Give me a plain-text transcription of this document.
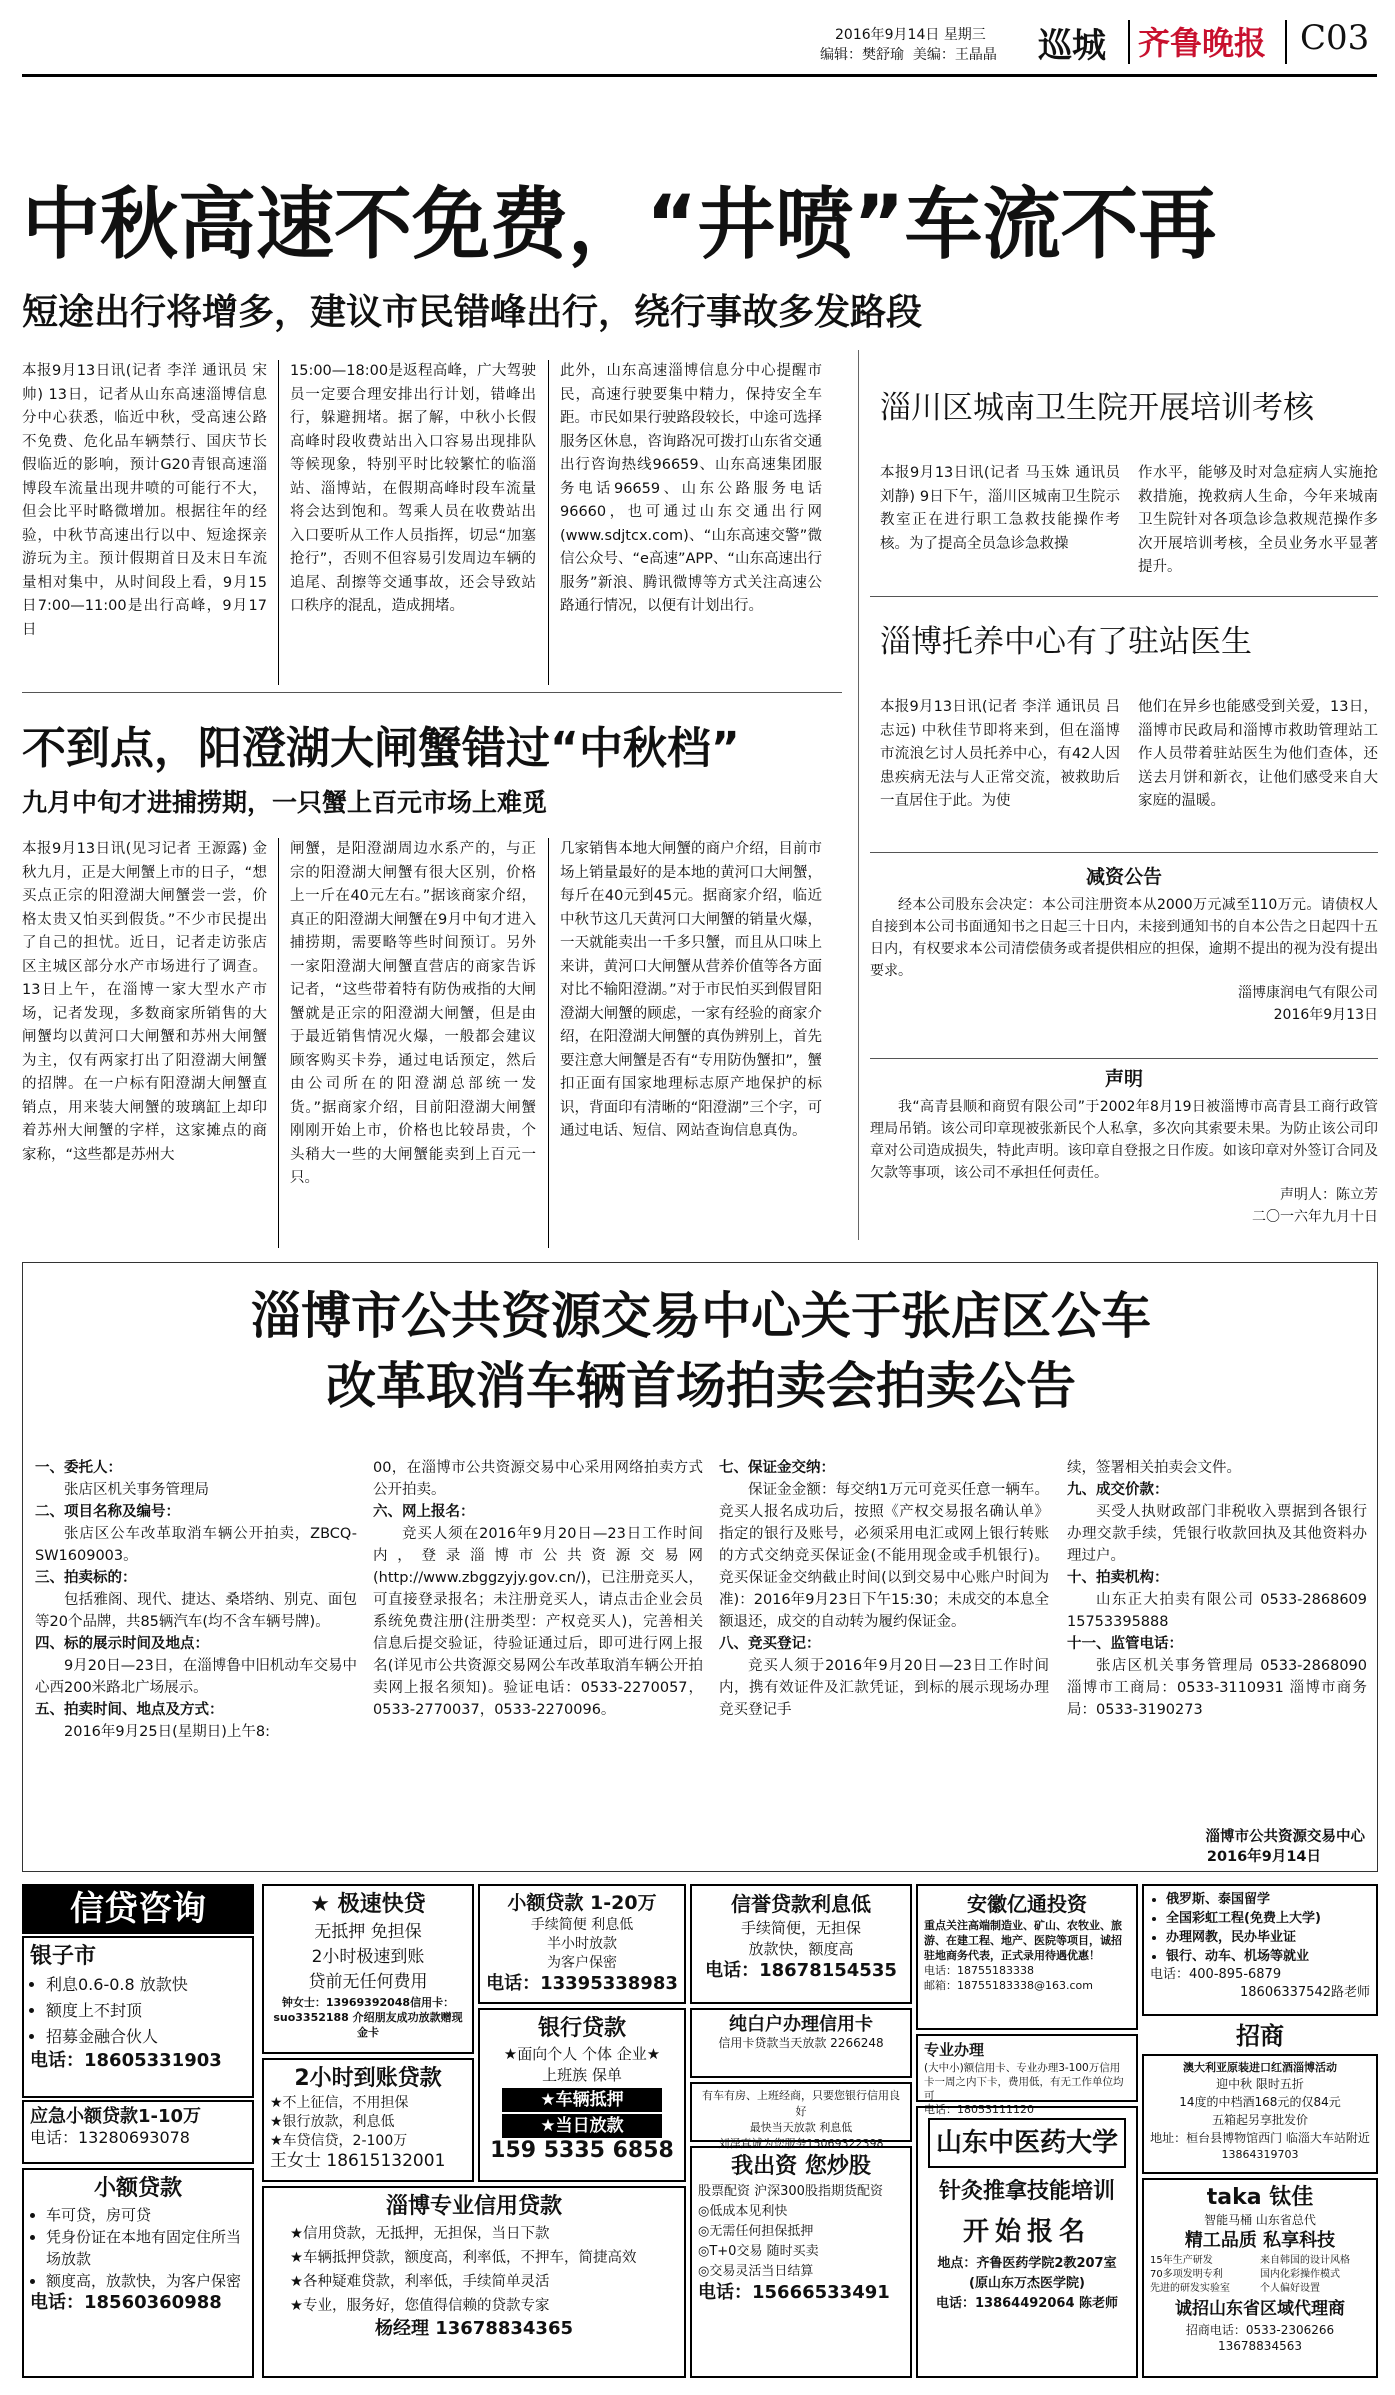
2016年9月14日 星期三
编辑：樊舒瑜 美编：王晶晶 巡城 齐鲁晚报 C03
中秋高速不免费，“井喷”车流不再
短途出行将增多，建议市民错峰出行，绕行事故多发路段
本报9月13日讯(记者 李洋 通讯员 宋帅) 13日，记者从山东高速淄博信息分中心获悉，临近中秋，受高速公路不免费、危化品车辆禁行、国庆节长假临近的影响，预计G20青银高速淄博段车流量出现井喷的可能行不大，但会比平时略微增加。根据往年的经验，中秋节高速出行以中、短途探亲游玩为主。预计假期首日及末日车流量相对集中，从时间段上看，9月15日7:00—11:00是出行高峰，9月17日
15:00—18:00是返程高峰，广大驾驶员一定要合理安排出行计划，错峰出行，躲避拥堵。据了解，中秋小长假高峰时段收费站出入口容易出现排队等候现象，特别平时比较繁忙的临淄站、淄博站，在假期高峰时段车流量将会达到饱和。驾乘人员在收费站出入口要听从工作人员指挥，切忌“加塞抢行”，否则不但容易引发周边车辆的追尾、刮擦等交通事故，还会导致站口秩序的混乱，造成拥堵。
此外，山东高速淄博信息分中心提醒市民，高速行驶要集中精力，保持安全车距。市民如果行驶路段较长，中途可选择服务区休息，咨询路况可拨打山东省交通出行咨询热线96659、山东高速集团服务电话96659、山东公路服务电话96660，也可通过山东交通出行网(www.sdjtcx.com)、“山东高速交警”微信公众号、“e高速”APP、“山东高速出行服务”新浪、腾讯微博等方式关注高速公路通行情况，以便有计划出行。
淄川区城南卫生院开展培训考核
本报9月13日讯(记者 马玉姝 通讯员 刘静) 9日下午，淄川区城南卫生院示教室正在进行职工急救技能操作考核。为了提高全员急诊急救操
作水平，能够及时对急症病人实施抢救措施，挽救病人生命，今年来城南卫生院针对各项急诊急救规范操作多次开展培训考核，全员业务水平显著提升。
淄博托养中心有了驻站医生
本报9月13日讯(记者 李洋 通讯员 吕志远) 中秋佳节即将来到，但在淄博市流浪乞讨人员托养中心，有42人因患疾病无法与人正常交流，被救助后一直居住于此。为使
他们在异乡也能感受到关爱，13日，淄博市民政局和淄博市救助管理站工作人员带着驻站医生为他们查体，还送去月饼和新衣，让他们感受来自大家庭的温暖。
不到点，阳澄湖大闸蟹错过“中秋档”
九月中旬才进捕捞期，一只蟹上百元市场上难觅
本报9月13日讯(见习记者 王源露) 金秋九月，正是大闸蟹上市的日子，“想买点正宗的阳澄湖大闸蟹尝一尝，价格太贵又怕买到假货。”不少市民提出了自己的担忧。近日，记者走访张店区主城区部分水产市场进行了调查。13日上午，在淄博一家大型水产市场，记者发现，多数商家所销售的大闸蟹均以黄河口大闸蟹和苏州大闸蟹为主，仅有两家打出了阳澄湖大闸蟹的招牌。在一户标有阳澄湖大闸蟹直销点，用来装大闸蟹的玻璃缸上却印着苏州大闸蟹的字样，这家摊点的商家称，“这些都是苏州大
闸蟹，是阳澄湖周边水系产的，与正宗的阳澄湖大闸蟹有很大区别，价格上一斤在40元左右。”据该商家介绍，真正的阳澄湖大闸蟹在9月中旬才进入捕捞期，需要略等些时间预订。另外一家阳澄湖大闸蟹直营店的商家告诉记者，“这些带着特有防伪戒指的大闸蟹就是正宗的阳澄湖大闸蟹，但是由于最近销售情况火爆，一般都会建议顾客购买卡券，通过电话预定，然后由公司所在的阳澄湖总部统一发货。”据商家介绍，目前阳澄湖大闸蟹刚刚开始上市，价格也比较昂贵，个头稍大一些的大闸蟹能卖到上百元一只。
几家销售本地大闸蟹的商户介绍，目前市场上销量最好的是本地的黄河口大闸蟹，每斤在40元到45元。据商家介绍，临近中秋节这几天黄河口大闸蟹的销量火爆，一天就能卖出一千多只蟹，而且从口味上来讲，黄河口大闸蟹从营养价值等各方面对比不输阳澄湖。”对于市民怕买到假冒阳澄湖大闸蟹的顾虑，一家有经验的商家介绍，在阳澄湖大闸蟹的真伪辨别上，首先要注意大闸蟹是否有“专用防伪蟹扣”，蟹扣正面有国家地理标志原产地保护的标识，背面印有清晰的“阳澄湖”三个字，可通过电话、短信、网站查询信息真伪。
减资公告

经本公司股东会决定：本公司注册资本从2000万元减至110万元。请债权人自接到本公司书面通知书之日起三十日内，未接到通知书的自本公告之日起四十五日内，有权要求本公司清偿债务或者提供相应的担保，逾期不提出的视为没有提出要求。

淄博康润电气有限公司

2016年9月13日

声明

我“高青县顺和商贸有限公司”于2002年8月19日被淄博市高青县工商行政管理局吊销。该公司印章现被张新民个人私拿，多次向其索要未果。为防止该公司印章对公司造成损失，特此声明。该印章自登报之日作废。如该印章对外签订合同及欠款等事项，该公司不承担任何责任。

声明人：陈立芳

二〇一六年九月十日

淄博市公共资源交易中心关于张店区公车
改革取消车辆首场拍卖会拍卖公告
一、委托人：
张店区机关事务管理局
二、项目名称及编号：
张店区公车改革取消车辆公开拍卖，ZBCQ-SW1609003。
三、拍卖标的：
包括雅阁、现代、捷达、桑塔纳、别克、面包等20个品牌，共85辆汽车(均不含车辆号牌)。
四、标的展示时间及地点：
9月20日—23日，在淄博鲁中旧机动车交易中心西200米路北广场展示。
五、拍卖时间、地点及方式：
2016年9月25日(星期日)上午8:
00，在淄博市公共资源交易中心采用网络拍卖方式公开拍卖。
六、网上报名：
竞买人须在2016年9月20日—23日工作时间内，登录淄博市公共资源交易网(http://www.zbggzyjy.gov.cn/)，已注册竞买人，可直接登录报名；未注册竞买人，请点击企业会员系统免费注册(注册类型：产权竞买人)，完善相关信息后提交验证，待验证通过后，即可进行网上报名(详见市公共资源交易网公车改革取消车辆公开拍卖网上报名须知)。验证电话：0533-2270057，0533-2770037，0533-2270096。
七、保证金交纳：
保证金金额：每交纳1万元可竞买任意一辆车。竞买人报名成功后，按照《产权交易报名确认单》指定的银行及账号，必须采用电汇或网上银行转账的方式交纳竞买保证金(不能用现金或手机银行)。竞买保证金交纳截止时间(以到交易中心账户时间为准)：2016年9月23日下午15:30；未成交的本息全额退还，成交的自动转为履约保证金。
八、竞买登记：
竞买人须于2016年9月20日—23日工作时间内，携有效证件及汇款凭证，到标的展示现场办理竞买登记手
续，签署相关拍卖会文件。
九、成交价款：
买受人执财政部门非税收入票据到各银行办理交款手续，凭银行收款回执及其他资料办理过户。
十、拍卖机构：
山东正大拍卖有限公司 0533-2868609 15753395888
十一、监管电话：
张店区机关事务管理局 0533-2868090 淄博市工商局：0533-3110931 淄博市商务局：0533-3190273
淄博市公共资源交易中心
2016年9月14日
信贷咨询
银子市
• 利息0.6-0.8 放款快
• 额度上不封顶
• 招募金融合伙人
电话：18605331903
应急小额贷款1-10万
电话：13280693078
小额贷款
• 车可贷，房可贷
• 凭身份证在本地有固定住所当场放款
• 额度高，放款快，为客户保密
电话：18560360988
★ 极速快贷
无抵押 免担保
2小时极速到账
贷前无任何费用
钟女士：13969392048信用卡：suo3352188 介绍朋友成功放款赠现金卡
2小时到账贷款
★不上征信，不用担保
★银行放款，利息低
★车贷信贷，2-100万
王女士 18615132001
淄博专业信用贷款
★信用贷款，无抵押，无担保，当日下款
★车辆抵押贷款，额度高，利率低，不押车，简捷高效
★各种疑难贷款，利率低，手续简单灵活
★专业，服务好，您值得信赖的贷款专家
杨经理 13678834365
小额贷款 1-20万
手续简便 利息低
半小时放款
为客户保密
电话：13395338983
银行贷款
★面向个人 个体 企业★
上班族 保单
★车辆抵押
★当日放款
159 5335 6858
信誉贷款利息低
手续简便，无担保
放款快，额度高
电话：18678154535
纯白户办理信用卡
信用卡贷款当天放款 2266248
有车有房、上班经商，只要您银行信用良好
最快当天放款 利息低
刘泽真诚为您服务15069322398
我出资 您炒股
股票配资 沪深300股指期货配资
◎低成本见利快
◎无需任何担保抵押
◎T+0交易 随时买卖
◎交易灵活当日结算
电话：15666533491
安徽亿通投资
重点关注高端制造业、矿山、农牧业、旅游、在建工程、地产、医院等项目，诚招驻地商务代表，正式录用待遇优惠！
电话：18755183338
邮箱：18755183338@163.com
专业办理
(大中小)额信用卡、专业办理3-100万信用卡一周之内下卡，费用低，有无工作单位均可
电话：18053111120
山东中医药大学
针灸推拿技能培训
开始报名
地点：齐鲁医药学院2教207室
(原山东万杰医学院)
电话：13864492064 陈老师
• 俄罗斯、泰国留学
• 全国彩虹工程(免费上大学)
• 办理网教，民办毕业证
• 银行、动车、机场等就业
电话：400-895-6879
18606337542路老师
招商
澳大利亚原装进口红酒淄博活动
迎中秋 限时五折
14度的中档酒168元的仅84元
五箱起另享批发价
地址：桓台县博物馆西门 临淄大车站附近
13864319703
taka 钛佳
智能马桶 山东省总代
精工品质 私享科技
15年生产研发	来自韩国的设计风格
70多项发明专利	国内化彩操作模式
先进的研发实验室	个人偏好设置
诚招山东省区域代理商
招商电话：0533-2306266 13678834563
